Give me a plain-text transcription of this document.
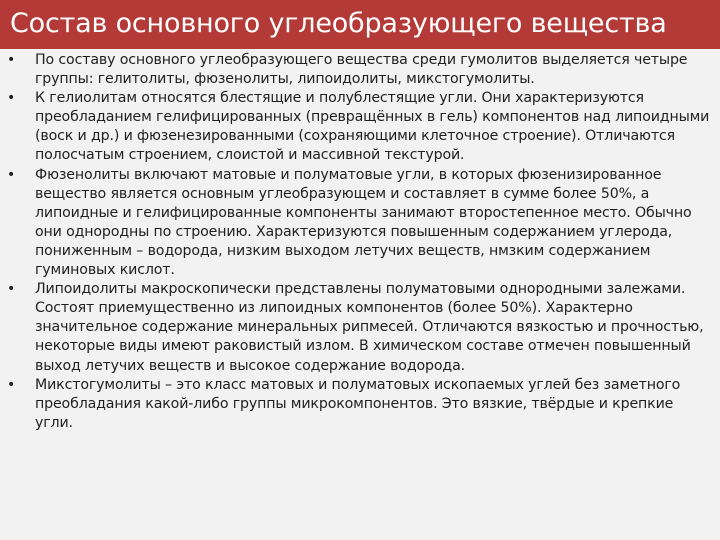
Состав основного углеобразующего вещества
• По составу основного углеобразующего вещества среди гумолитов выделяется четыре группы: гелитолиты, фюзенолиты, липоидолиты, микстогумолиты.
• К гелиолитам относятся блестящие и полублестящие угли. Они характеризуются преобладанием гелифицированных (превращённых в гель) компонентов над липоидными (воск и др.) и фюзенезированными (сохраняющими клеточное строение). Отличаются полосчатым строением, слоистой и массивной текстурой.
• Фюзенолиты включают матовые и полуматовые угли, в которых фюзенизированное вещество является основным углеобразующем и составляет в сумме более 50%, а липоидные и гелифицированные компоненты занимают второстепенное место. Обычно они однородны по строению. Характеризуются повышенным содержанием углерода, пониженным – водорода, низким выходом летучих веществ, нмзким содержанием гуминовых кислот.
• Липоидолиты макроскопически представлены полуматовыми однородными залежами. Состоят приемущественно из липоидных компонентов (более 50%). Характерно значительное содержание минеральных рипмесей. Отличаются вязкостью и прочностью, некоторые виды имеют раковистый излом. В химическом составе отмечен повышенный выход летучих веществ и высокое содержание водорода.
• Микстогумолиты – это класс матовых и полуматовых ископаемых углей без заметного преобладания какой-либо группы микрокомпонентов. Это вязкие, твёрдые и крепкие угли.
